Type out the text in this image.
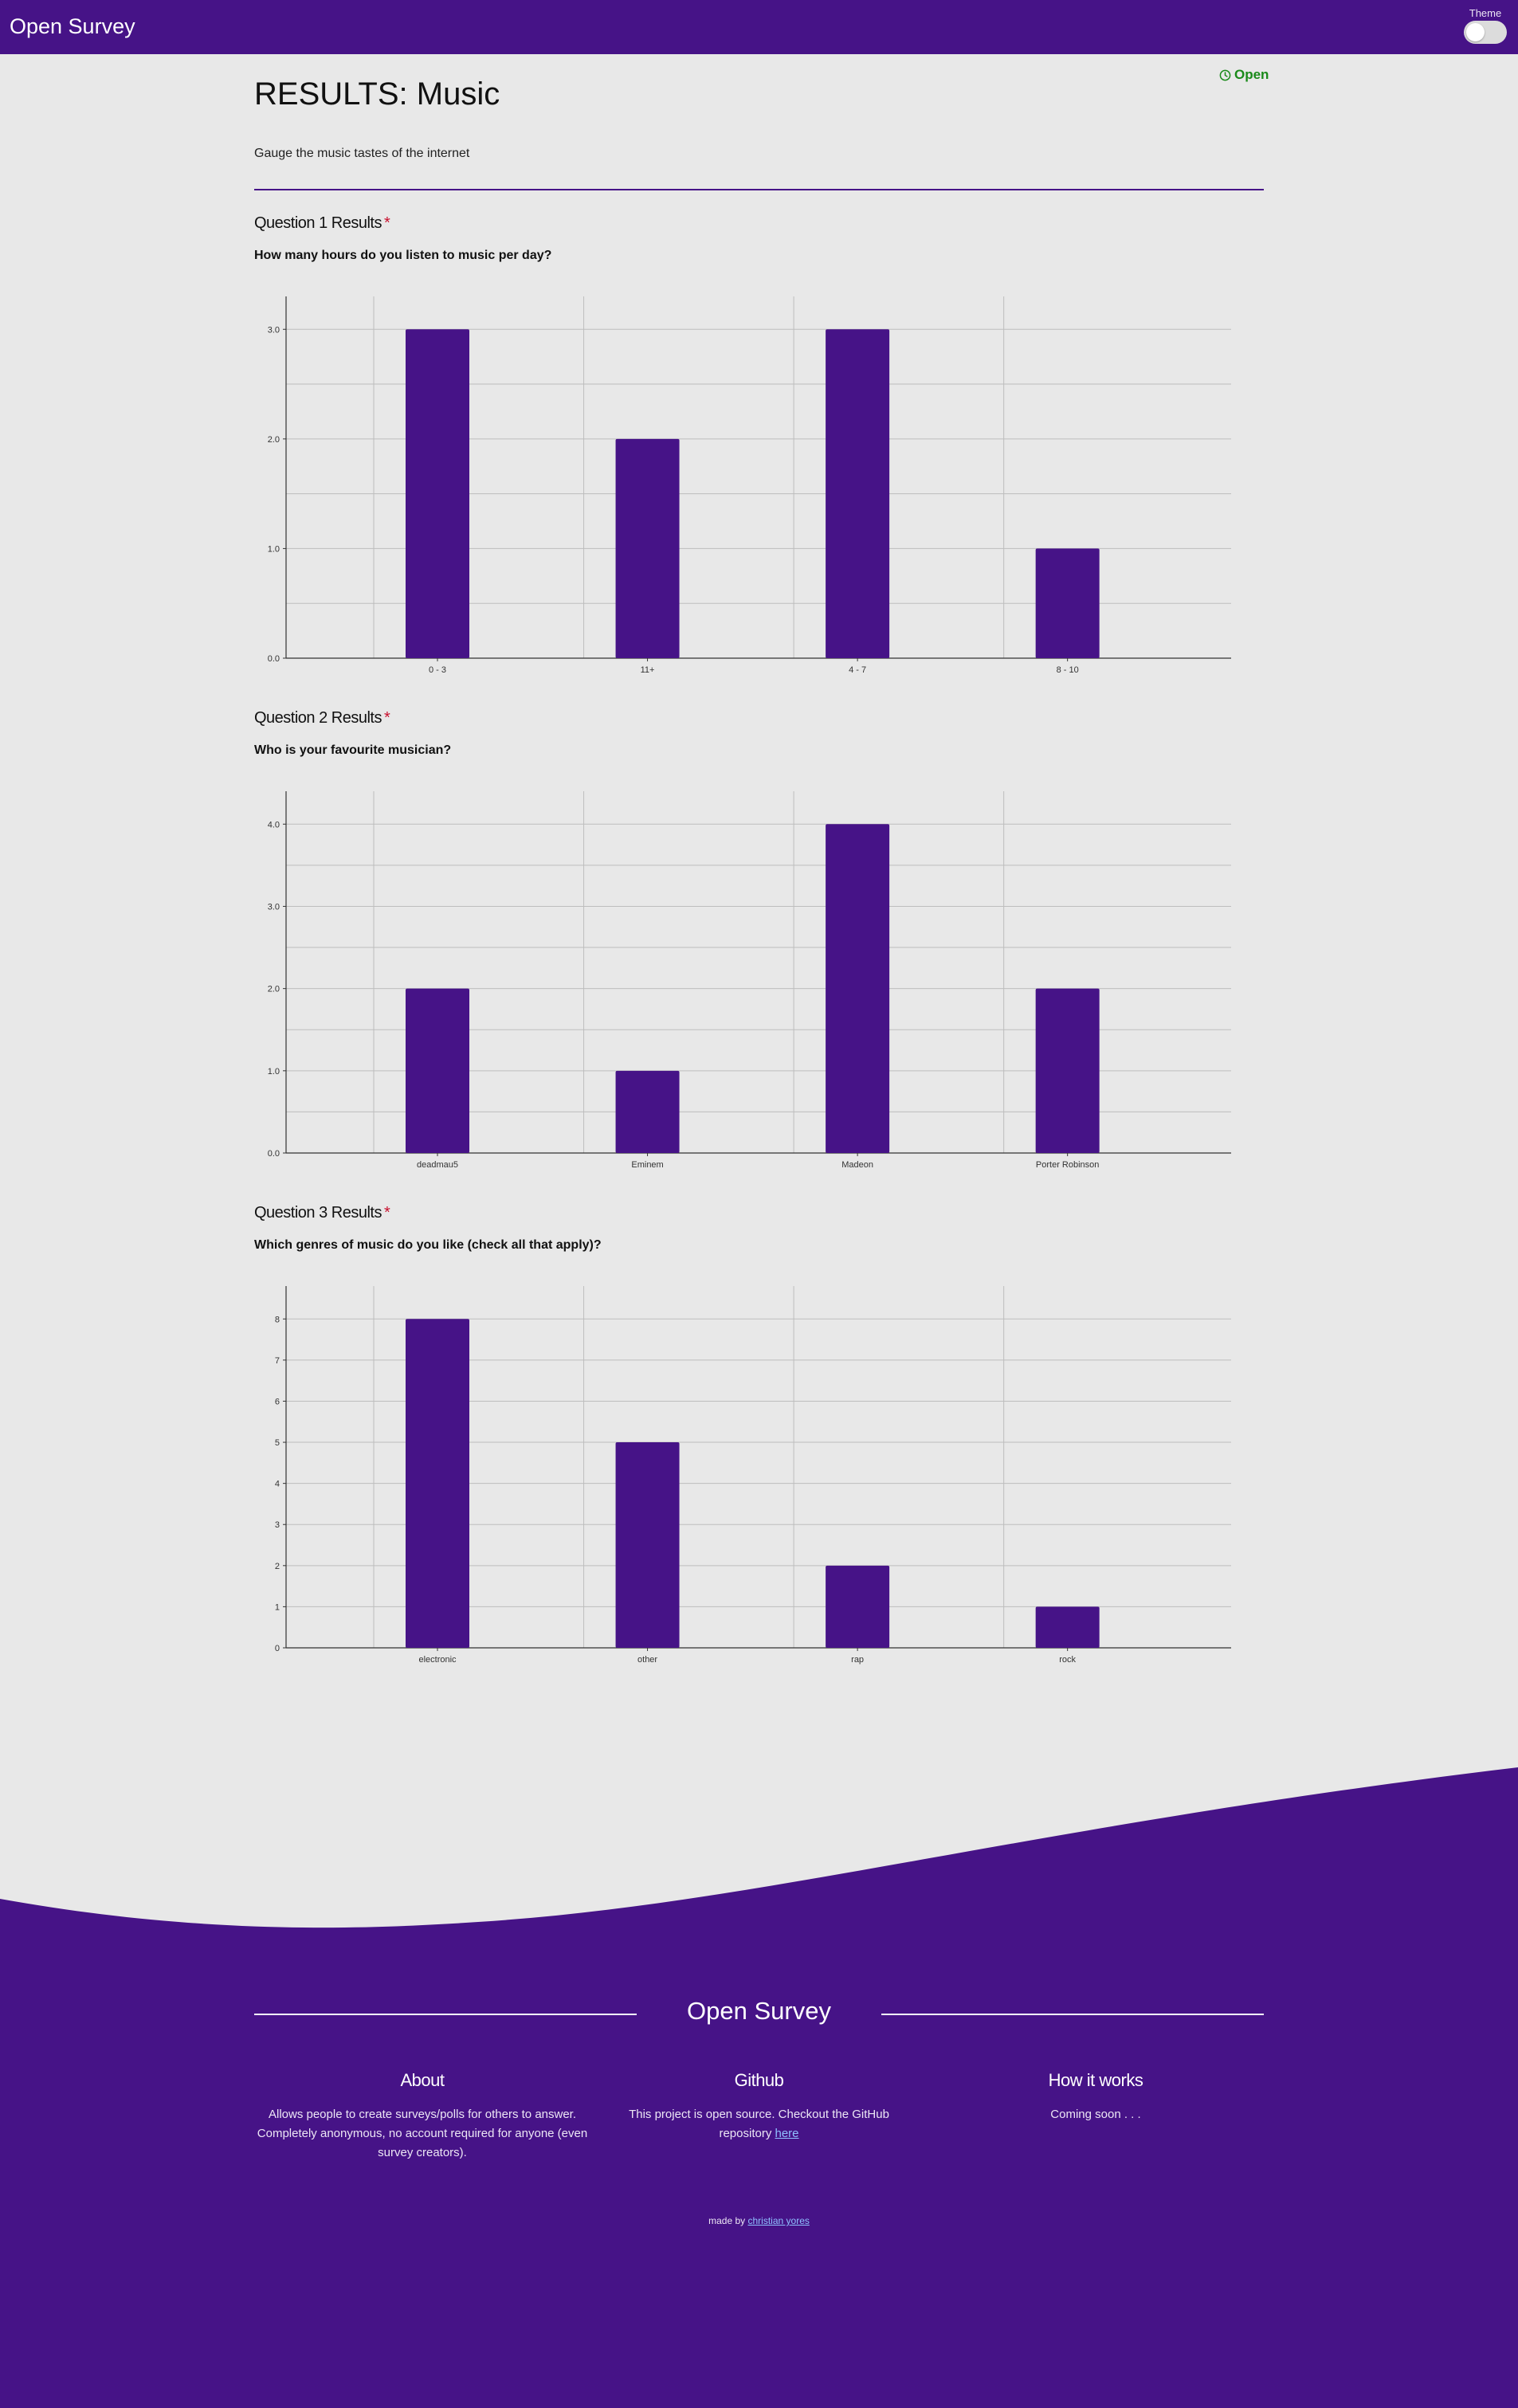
Open Survey
Theme
Open
RESULTS: Music

Gauge the music tastes of the internet

Question 1 Results *
How many hours do you listen to music per day?
0.0
1.0
2.0
3.0
0 - 3	11+	4 - 7	8 - 10
Question 2 Results *
Who is your favourite musician?
0.0
1.0
2.0
3.0
4.0
deadmau5	Eminem	Madeon	Porter Robinson
Question 3 Results *
Which genres of music do you like (check all that apply)?
0
1
2
3
4
5
6
7
8
electronic	other	rap	rock
Open Survey
About

Allows people to create surveys/polls for others to answer. Completely anonymous, no account required for anyone (even survey creators).

Github

This project is open source. Checkout the GitHub repository here

How it works

Coming soon . . .

made by christian yores
